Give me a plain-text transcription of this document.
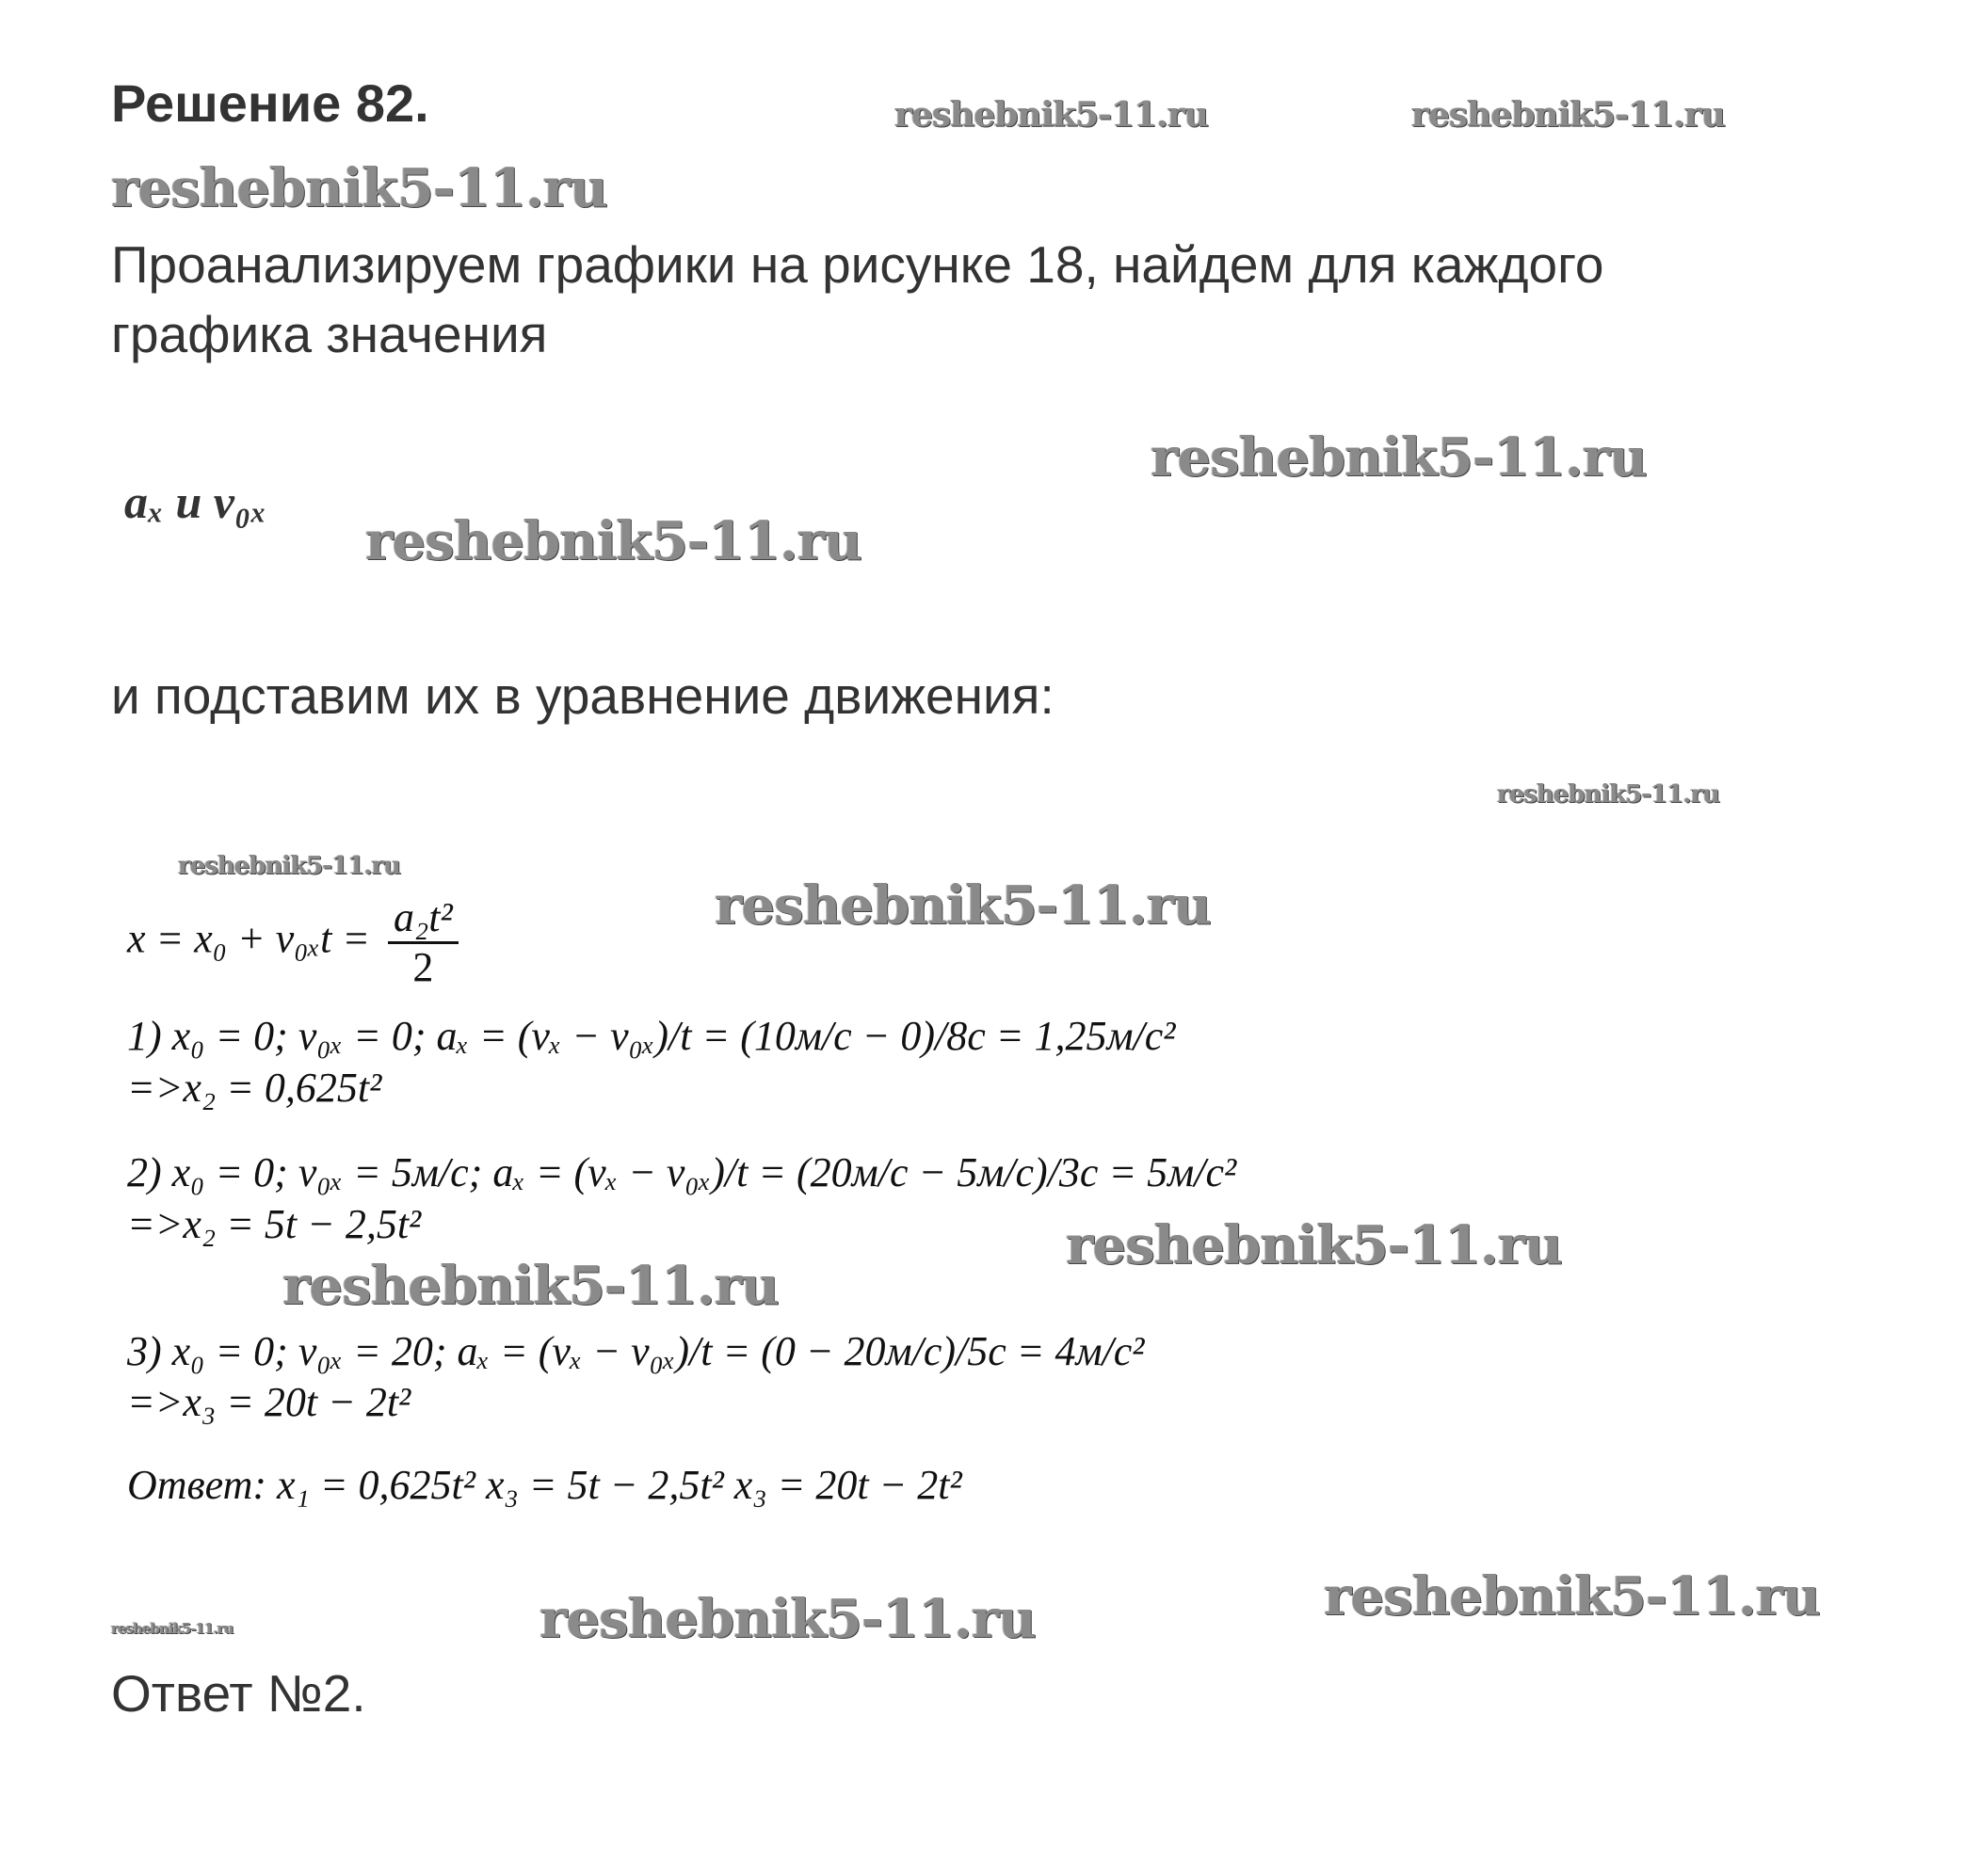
Решение 82.	reshebnik5-11.ru	reshebnik5-11.ru
reshebnik5-11.ru
Проанализируем графики на рисунке 18, найдем для каждого
графика значения
reshebnik5-11.ru
aₓ и v₀ₓ
reshebnik5-11.ru
и подставим их в уравнение движения:
reshebnik5-11.ru
reshebnik5-11.ru
$x = x_0 + v_{0x}t = \frac{\text{a₂t²}}{2}$	reshebnik5-11.ru
1) x₀ = 0; v₀ₓ = 0; aₓ = (vₓ − v₀ₓ)/t = (10м/с − 0)/8с = 1,25м/с²
=>x₂ = 0,625t²
2) x₀ = 0; v₀ₓ = 5м/с; aₓ = (vₓ − v₀ₓ)/t = (20м/с − 5м/с)/3с = 5м/с²
=>x₂ = 5t − 2,5t²	reshebnik5-11.ru
reshebnik5-11.ru
3) x₀ = 0; v₀ₓ = 20; aₓ = (vₓ − v₀ₓ)/t = (0 − 20м/с)/5с = 4м/с²
=>x₃ = 20t − 2t²
Ответ: x₁ = 0,625t² x₃ = 5t − 2,5t² x₃ = 20t − 2t²
reshebnik5-11.ru
reshebnik5-11.ru
reshebnik5-11.ru
Ответ №2.
